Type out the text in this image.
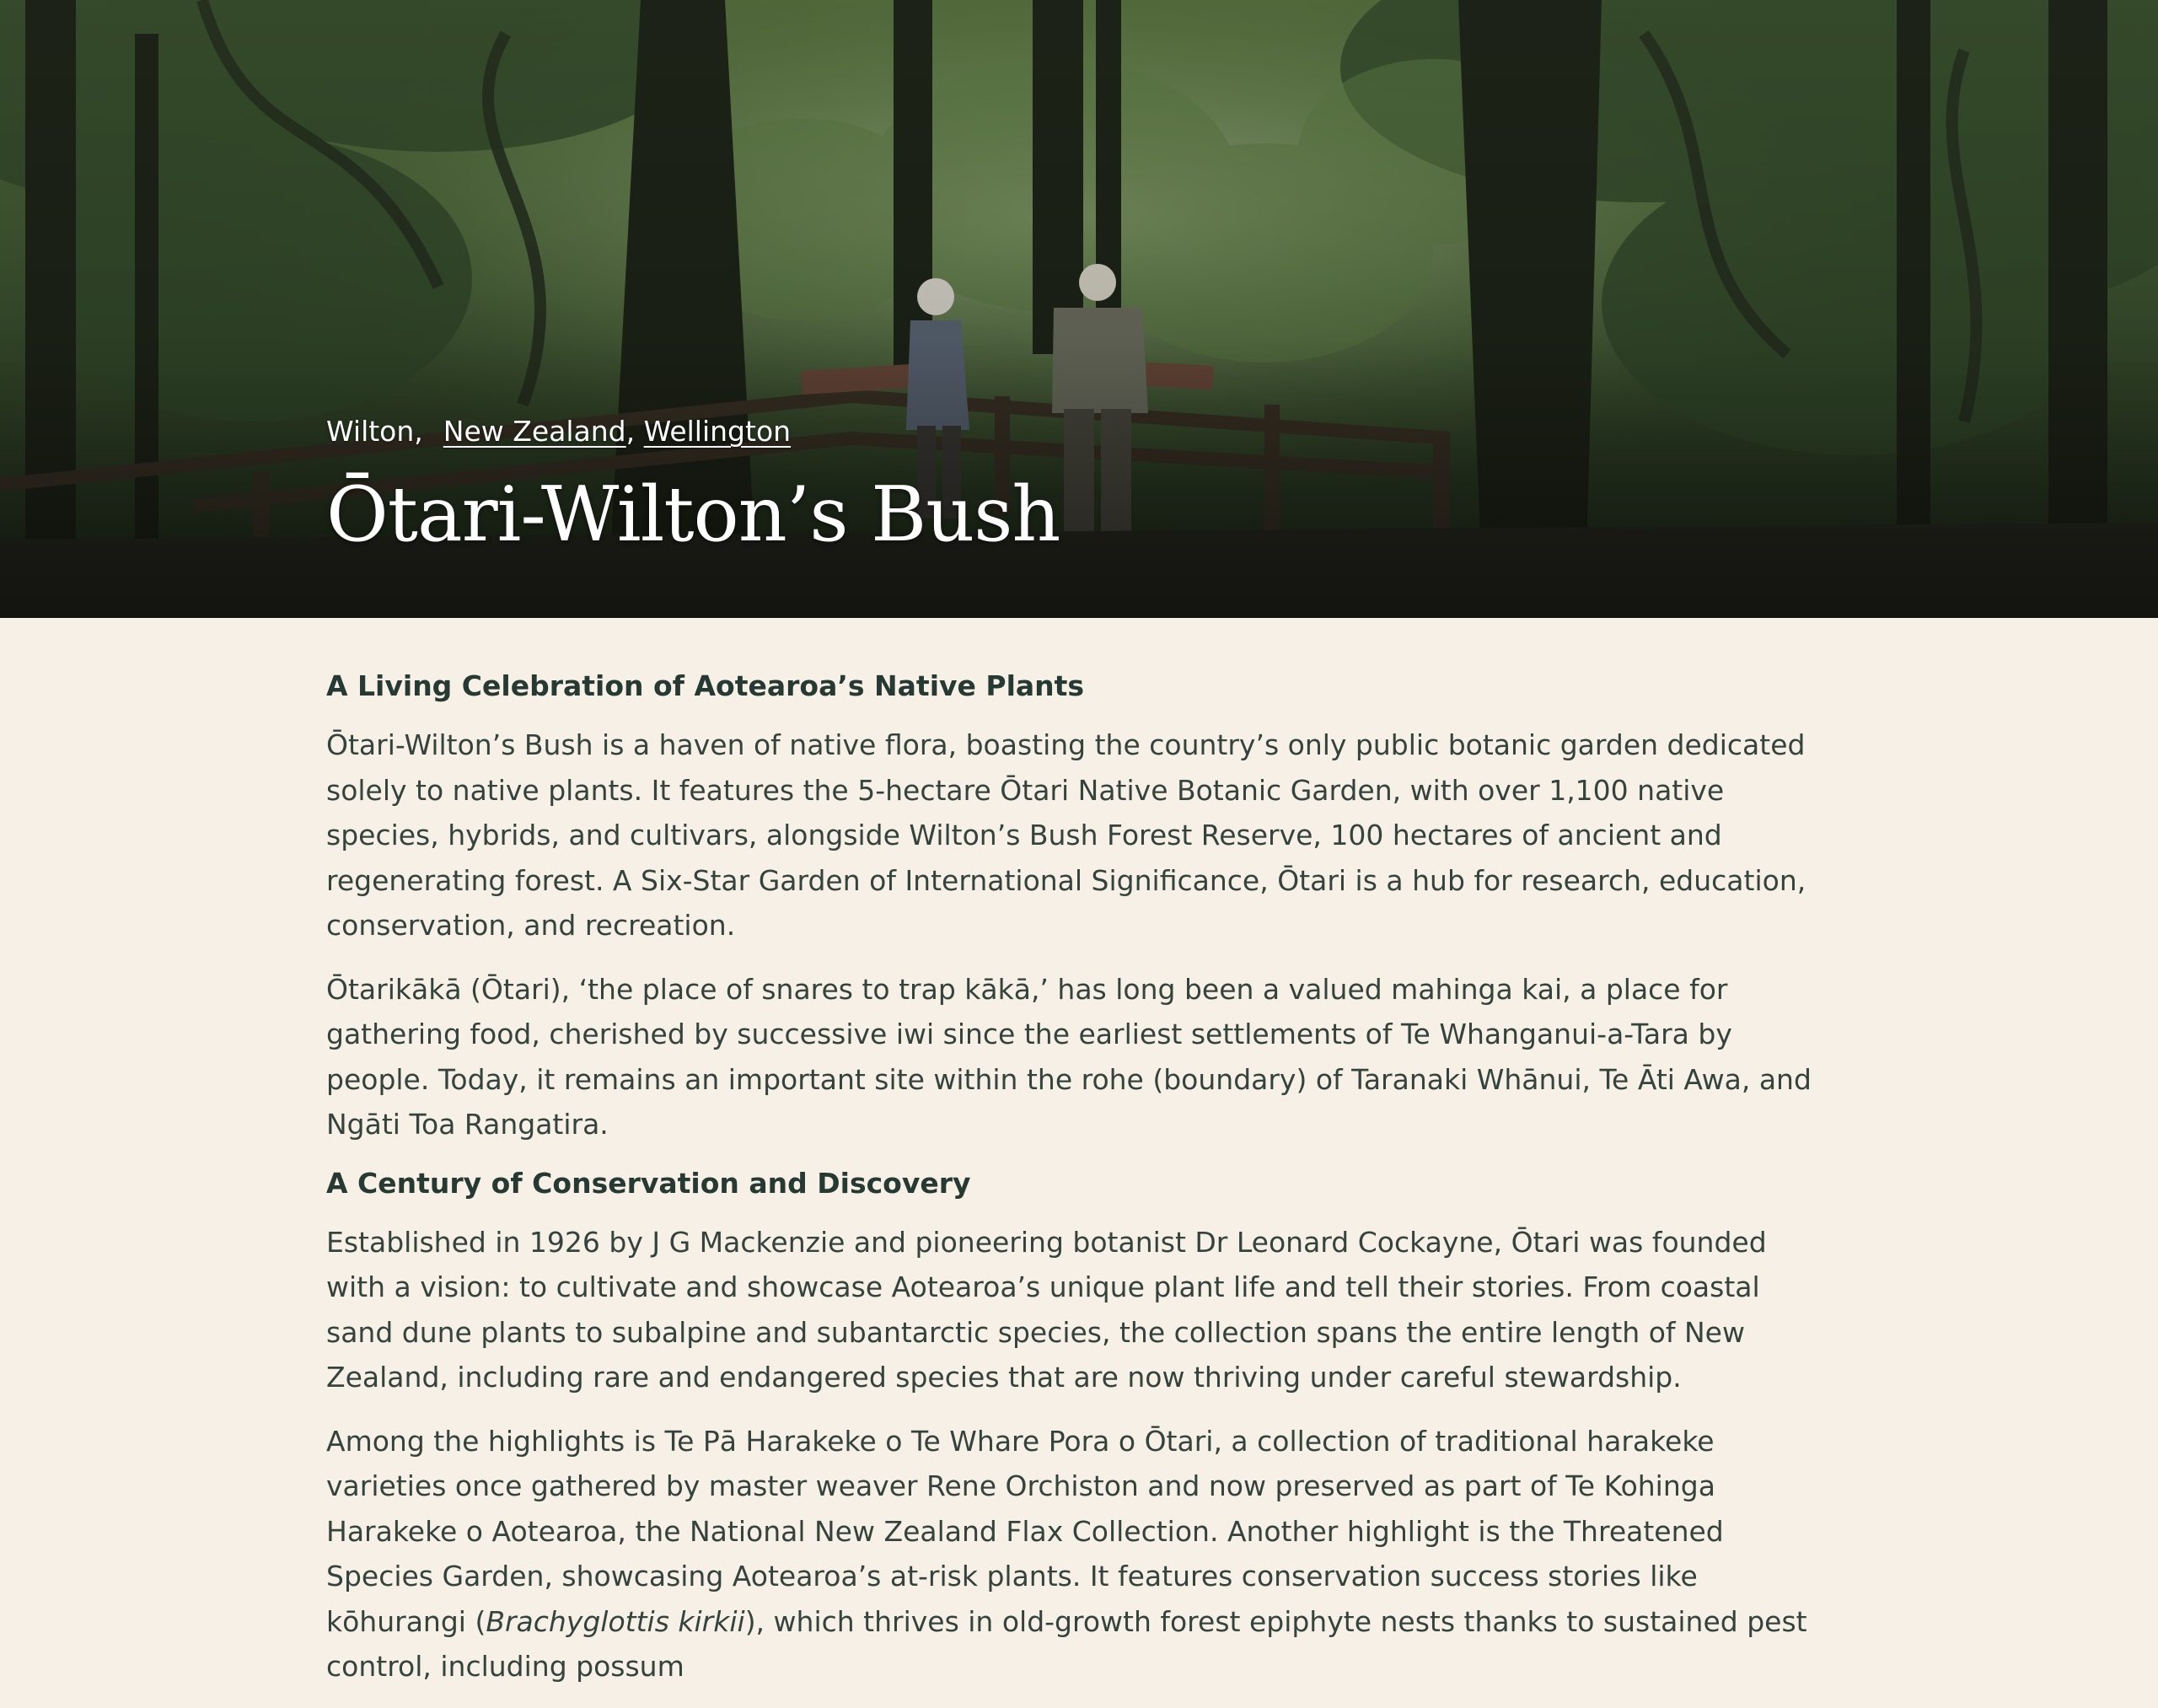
Wilton, New Zealand, Wellington
Ōtari-Wilton’s Bush
A Living Celebration of Aotearoa’s Native Plants

Ōtari-Wilton’s Bush is a haven of native flora, boasting the country’s only public botanic garden dedicated solely to native plants. It features the 5-hectare Ōtari Native Botanic Garden, with over 1,100 native species, hybrids, and cultivars, alongside Wilton’s Bush Forest Reserve, 100 hectares of ancient and regenerating forest. A Six-Star Garden of International Significance, Ōtari is a hub for research, education, conservation, and recreation.

Ōtarikākā (Ōtari), ‘the place of snares to trap kākā,’ has long been a valued mahinga kai, a place for gathering food, cherished by successive iwi since the earliest settlements of Te Whanganui-a-Tara by people. Today, it remains an important site within the rohe (boundary) of Taranaki Whānui, Te Āti Awa, and Ngāti Toa Rangatira.

A Century of Conservation and Discovery

Established in 1926 by J G Mackenzie and pioneering botanist Dr Leonard Cockayne, Ōtari was founded with a vision: to cultivate and showcase Aotearoa’s unique plant life and tell their stories. From coastal sand dune plants to subalpine and subantarctic species, the collection spans the entire length of New Zealand, including rare and endangered species that are now thriving under careful stewardship.

Among the highlights is Te Pā Harakeke o Te Whare Pora o Ōtari, a collection of traditional harakeke varieties once gathered by master weaver Rene Orchiston and now preserved as part of Te Kohinga Harakeke o Aotearoa, the National New Zealand Flax Collection. Another highlight is the Threatened Species Garden, showcasing Aotearoa’s at-risk plants. It features conservation success stories like kōhurangi (Brachyglottis kirkii), which thrives in old-growth forest epiphyte nests thanks to sustained pest control, including possum
